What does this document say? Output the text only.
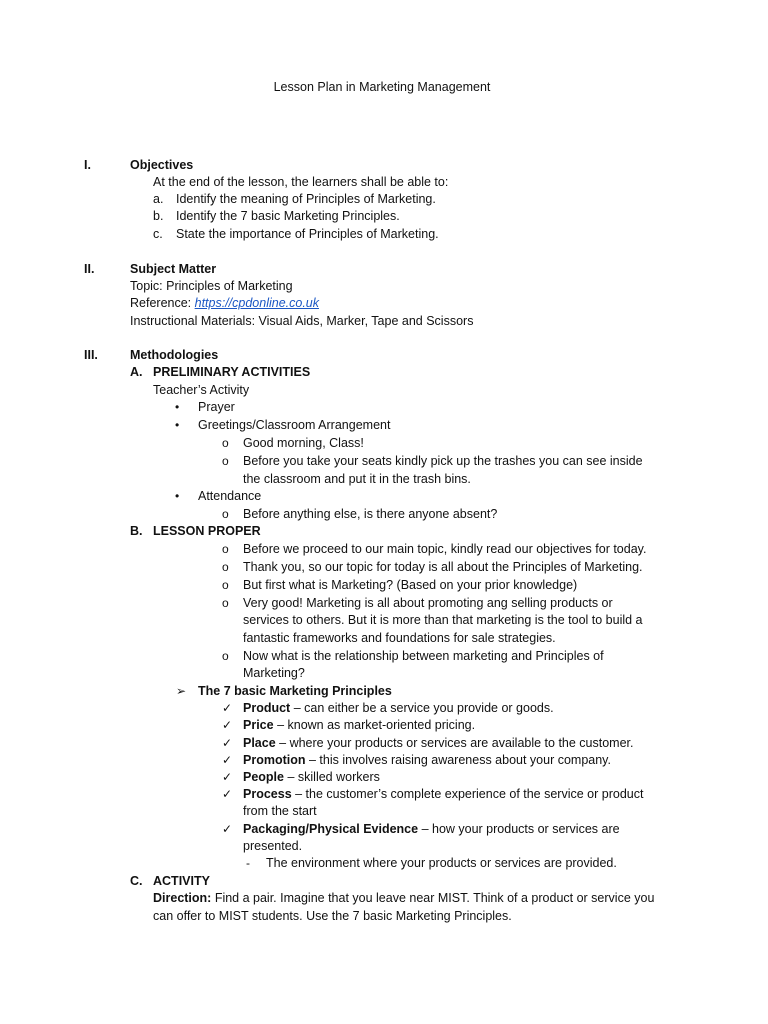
Lesson Plan in Marketing Management
I.	Objectives
At the end of the lesson, the learners shall be able to:
a. Identify the meaning of Principles of Marketing.
b. Identify the 7 basic Marketing Principles.
c. State the importance of Principles of Marketing.
II.	Subject Matter
Topic: Principles of Marketing
Reference: https://cpdonline.co.uk
Instructional Materials: Visual Aids, Marker, Tape and Scissors
III.	Methodologies
A. PRELIMINARY ACTIVITIES
Teacher’s Activity
• Prayer
• Greetings/Classroom Arrangement
o Good morning, Class!
o Before you take your seats kindly pick up the trashes you can see inside
the classroom and put it in the trash bins.
• Attendance
o Before anything else, is there anyone absent?
B. LESSON PROPER
o Before we proceed to our main topic, kindly read our objectives for today.
o Thank you, so our topic for today is all about the Principles of Marketing.
o But first what is Marketing? (Based on your prior knowledge)
o Very good! Marketing is all about promoting ang selling products or
services to others. But it is more than that marketing is the tool to build a
fantastic frameworks and foundations for sale strategies.
o Now what is the relationship between marketing and Principles of
Marketing?
➢ The 7 basic Marketing Principles
✓ Product – can either be a service you provide or goods.
✓ Price – known as market-oriented pricing.
✓ Place – where your products or services are available to the customer.
✓ Promotion – this involves raising awareness about your company.
✓ People – skilled workers
✓ Process – the customer’s complete experience of the service or product
from the start
✓ Packaging/Physical Evidence – how your products or services are
presented.
- The environment where your products or services are provided.
C. ACTIVITY
Direction: Find a pair. Imagine that you leave near MIST. Think of a product or service you
can offer to MIST students. Use the 7 basic Marketing Principles.
